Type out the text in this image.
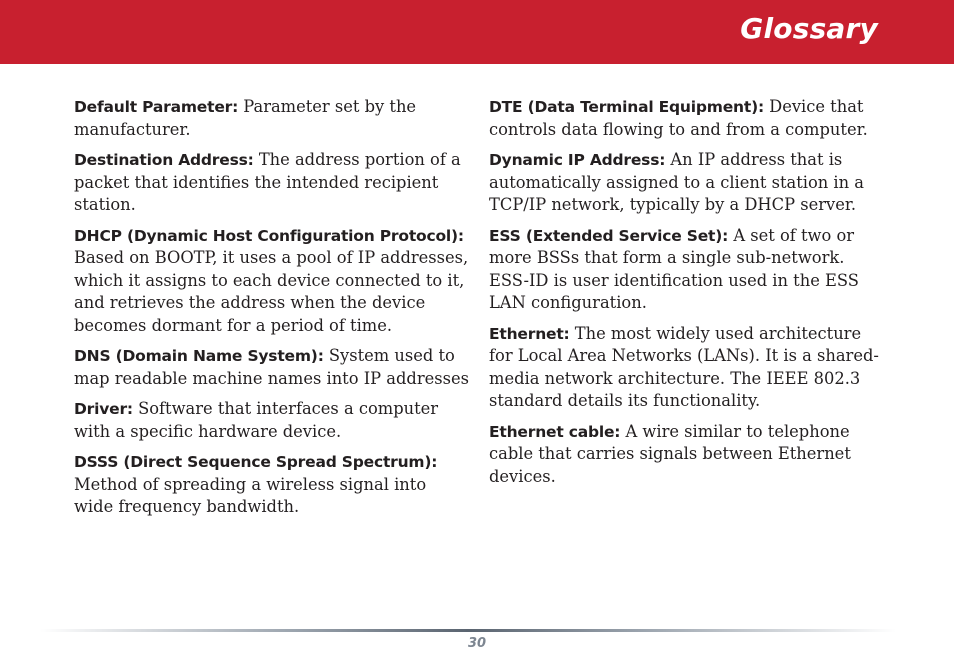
Glossary

Default Parameter: Parameter set by the manufacturer.

Destination Address: The address portion of a packet that identifies the intended recipient station.

DHCP (Dynamic Host Configuration Protocol): Based on BOOTP, it uses a pool of IP addresses, which it assigns to each device connected to it, and retrieves the address when the device becomes dormant for a period of time.

DNS (Domain Name System): System used to map readable machine names into IP addresses

Driver: Software that interfaces a computer with a specific hardware device.

DSSS (Direct Sequence Spread Spectrum): Method of spreading a wireless signal into wide frequency bandwidth.

DTE (Data Terminal Equipment): Device that controls data flowing to and from a computer.

Dynamic IP Address: An IP address that is automatically assigned to a client station in a TCP/IP network, typically by a DHCP server.

ESS (Extended Service Set): A set of two or more BSSs that form a single sub-network. ESS-ID is user identification used in the ESS LAN configuration.

Ethernet: The most widely used architecture for Local Area Networks (LANs). It is a shared-media network architecture. The IEEE 802.3 standard details its functionality.

Ethernet cable: A wire similar to telephone cable that carries signals between Ethernet devices.

30
